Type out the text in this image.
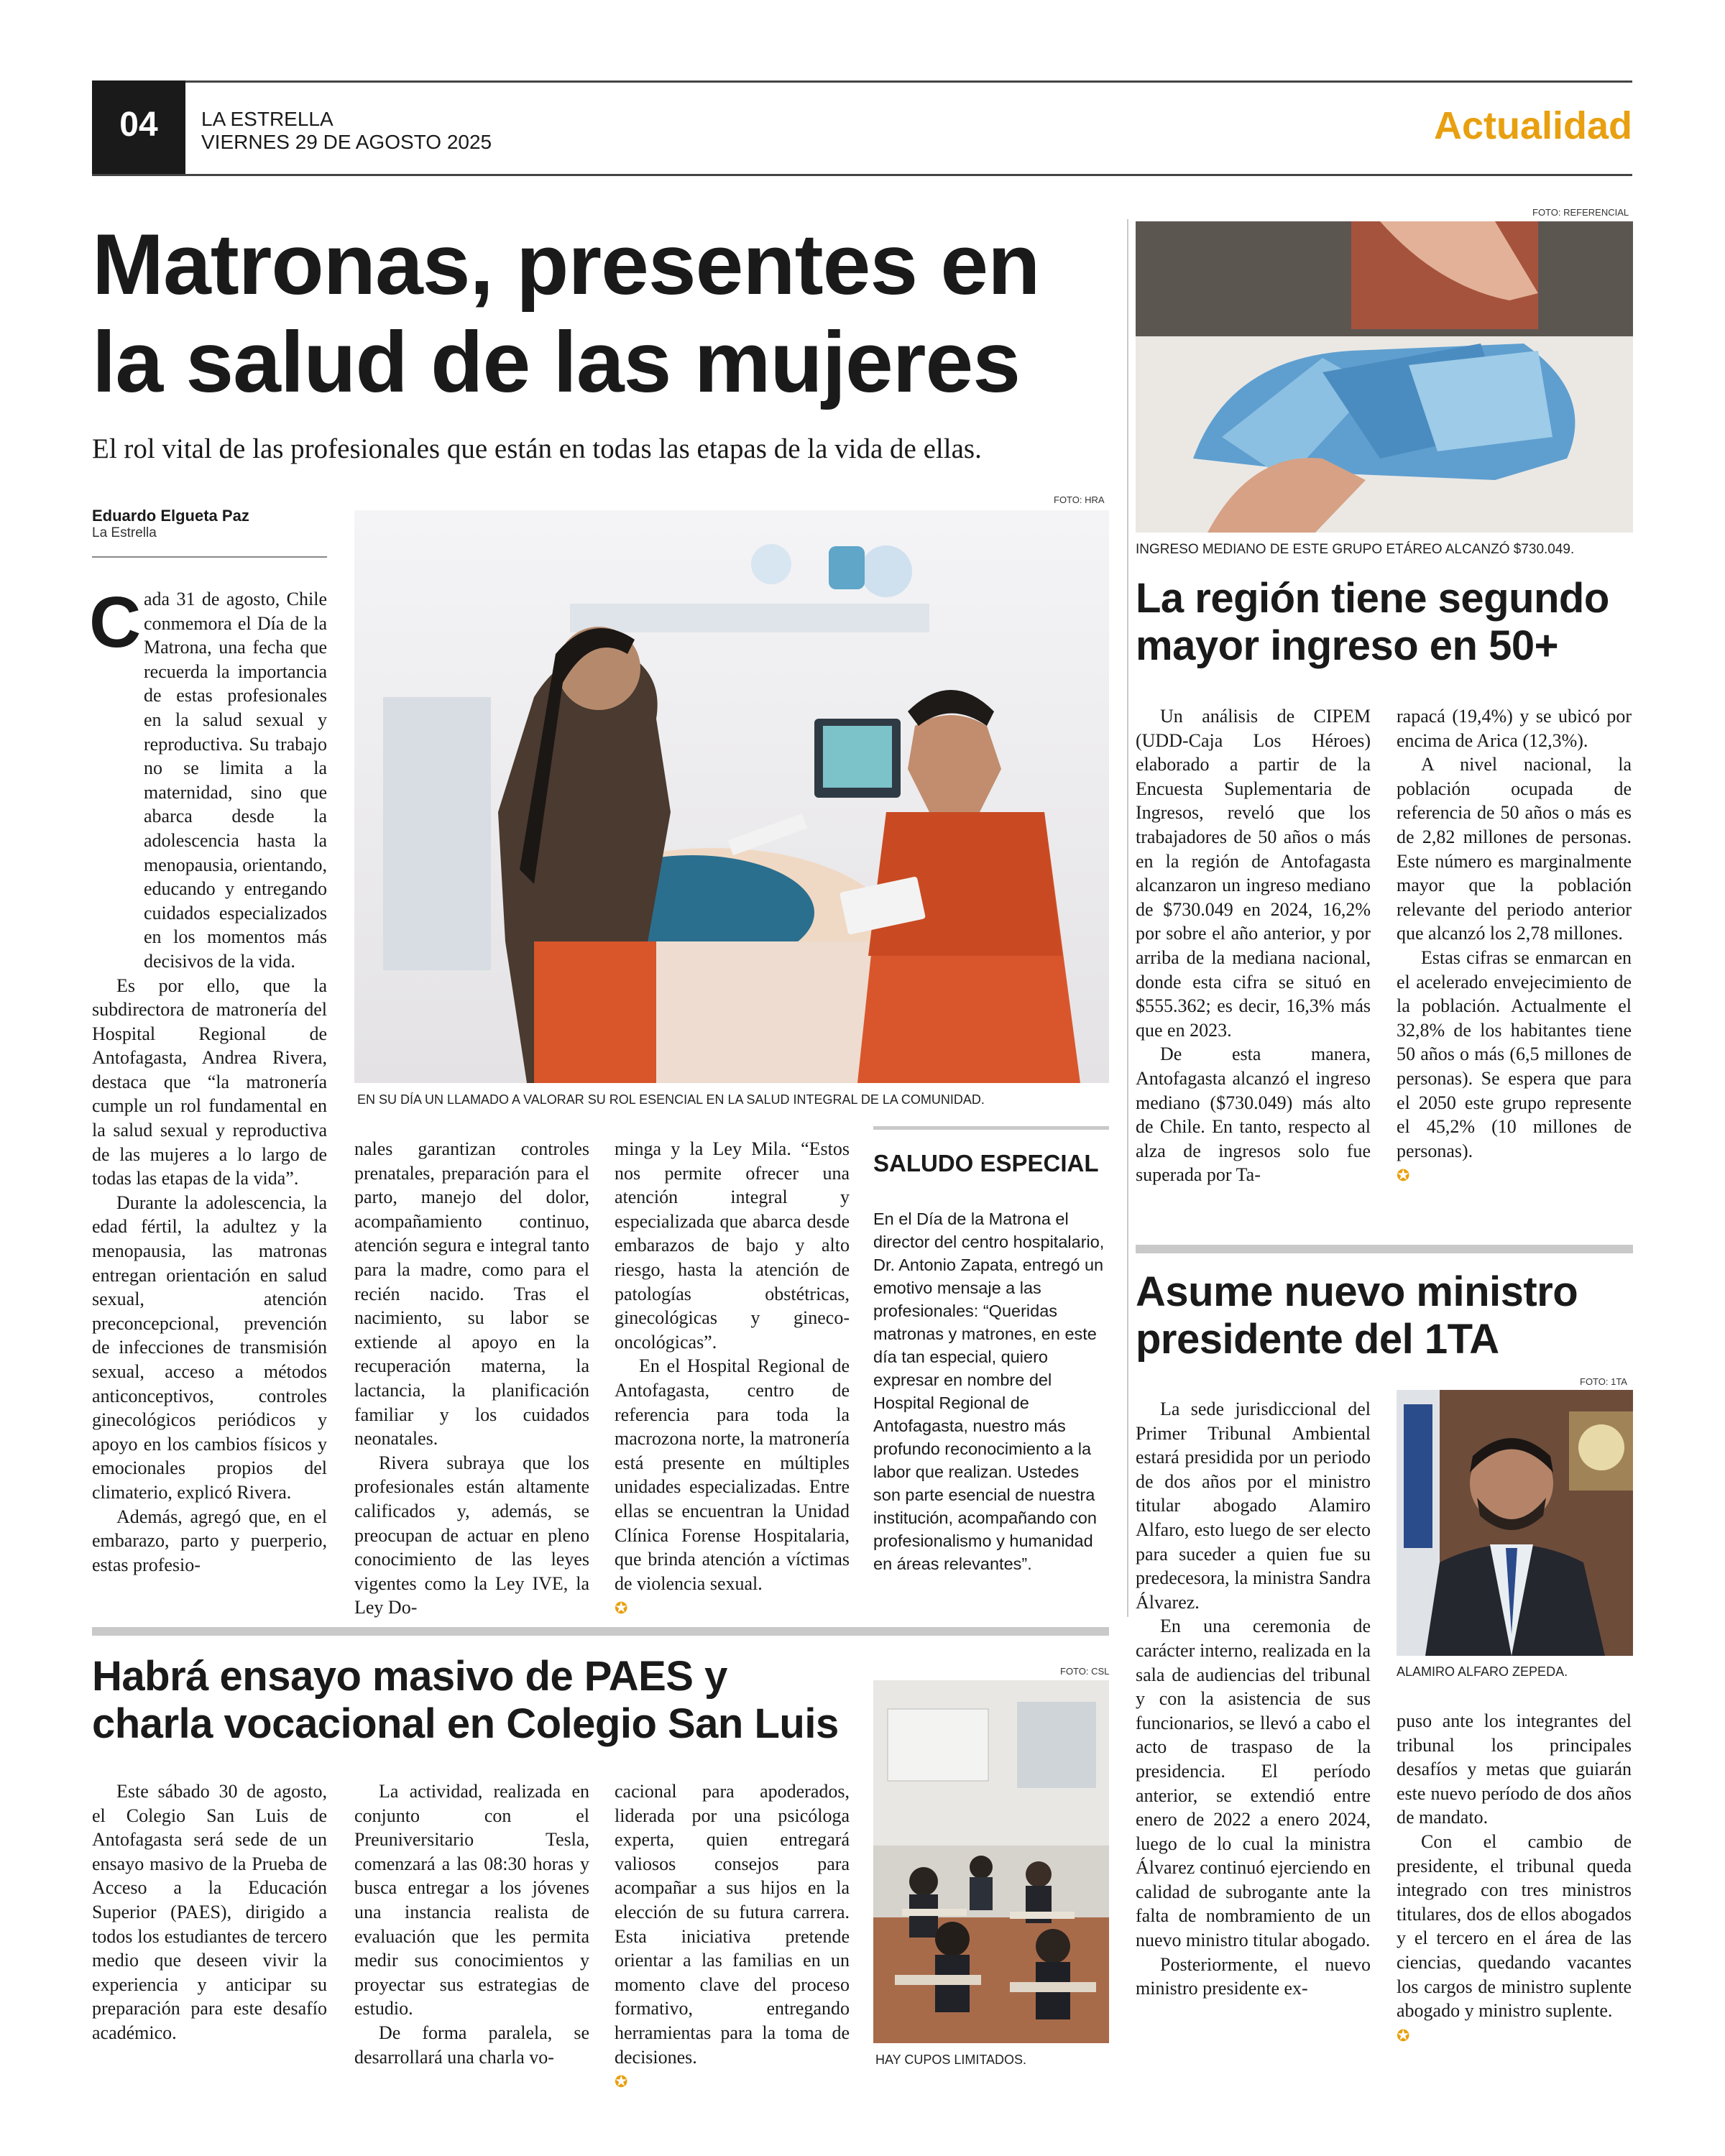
04	LA ESTRELLA
VIERNES 29 DE AGOSTO 2025	Actualidad
Matronas, presentes en
la salud de las mujeres
El rol vital de las profesionales que están en todas las etapas de la vida de ellas.
Eduardo Elgueta Paz
La Estrella
FOTO: HRA
EN SU DÍA UN LLAMADO A VALORAR SU ROL ESENCIAL EN LA SALUD INTEGRAL DE LA COMUNIDAD.
C ada 31 de agosto, Chile conmemora el Día de la Matrona, una fecha que recuerda la importancia de estas profesionales en la salud sexual y reproductiva. Su trabajo no se limita a la maternidad, sino que abarca desde la adolescencia hasta la menopausia, orientando, educando y entregando cuidados especializados en los momentos más decisivos de la vida.

Es por ello, que la subdirectora de matronería del Hospital Regional de Antofagasta, Andrea Rivera, destaca que “la matronería cumple un rol fundamental en la salud sexual y reproductiva de las mujeres a lo largo de todas las etapas de la vida”.

Durante la adolescencia, la edad fértil, la adultez y la menopausia, las matronas entregan orientación en salud sexual, atención preconcepcional, prevención de infecciones de transmisión sexual, acceso a métodos anticonceptivos, controles ginecológicos periódicos y apoyo en los cambios físicos y emocionales propios del climaterio, explicó Rivera.

Además, agregó que, en el embarazo, parto y puerperio, estas profesio-

nales garantizan controles prenatales, preparación para el parto, manejo del dolor, acompañamiento continuo, atención segura e integral tanto para la madre, como para el recién nacido. Tras el nacimiento, su labor se extiende al apoyo en la recuperación materna, la lactancia, la planificación familiar y los cuidados neonatales.

Rivera subraya que los profesionales están altamente calificados y, además, se preocupan de actuar en pleno conocimiento de las leyes vigentes como la Ley IVE, la Ley Do-

minga y la Ley Mila. “Estos nos permite ofrecer una atención integral y especializada que abarca desde embarazos de bajo y alto riesgo, hasta la atención de patologías obstétricas, ginecológicas y gineco-oncológicas”.

En el Hospital Regional de Antofagasta, centro de referencia para toda la macrozona norte, la matronería está presente en múltiples unidades especializadas. Entre ellas se encuentran la Unidad Clínica Forense Hospitalaria, que brinda atención a víctimas de violencia sexual.

✪
SALUDO ESPECIAL
En el Día de la Matrona el director del centro hospitalario, Dr. Antonio Zapata, entregó un emotivo mensaje a las profesionales: “Queridas matronas y matrones, en este día tan especial, quiero expresar en nombre del Hospital Regional de Antofagasta, nuestro más profundo reconocimiento a la labor que realizan. Ustedes son parte esencial de nuestra institución, acompañando con profesionalismo y humanidad en áreas relevantes”.
FOTO: REFERENCIAL
INGRESO MEDIANO DE ESTE GRUPO ETÁREO ALCANZÓ $730.049.
La región tiene segundo
mayor ingreso en 50+

Un análisis de CIPEM (UDD-Caja Los Héroes) elaborado a partir de la Encuesta Suplementaria de Ingresos, reveló que los trabajadores de 50 años o más en la región de Antofagasta alcanzaron un ingreso mediano de $730.049 en 2024, 16,2% por sobre el año anterior, y por arriba de la mediana nacional, donde esta cifra se situó en $555.362; es decir, 16,3% más que en 2023.

De esta manera, Antofagasta alcanzó el ingreso mediano ($730.049) más alto de Chile. En tanto, respecto al alza de ingresos solo fue superada por Ta-

rapacá (19,4%) y se ubicó por encima de Arica (12,3%).

A nivel nacional, la población ocupada de referencia de 50 años o más es de 2,82 millones de personas. Este número es marginalmente mayor que la población relevante del periodo anterior que alcanzó los 2,78 millones.

Estas cifras se enmarcan en el acelerado envejecimiento de la población. Actualmente el 32,8% de los habitantes tiene 50 años o más (6,5 millones de personas). Se espera que para el 2050 este grupo represente el 45,2% (10 millones de personas).

✪
Asume nuevo ministro
presidente del 1TA
FOTO: 1TA
ALAMIRO ALFARO ZEPEDA.

La sede jurisdiccional del Primer Tribunal Ambiental estará presidida por un periodo de dos años por el ministro titular abogado Alamiro Alfaro, esto luego de ser electo para suceder a quien fue su predecesora, la ministra Sandra Álvarez.

En una ceremonia de carácter interno, realizada en la sala de audiencias del tribunal y con la asistencia de sus funcionarios, se llevó a cabo el acto de traspaso de la presidencia. El período anterior, se extendió entre enero de 2022 a enero 2024, luego de lo cual la ministra Álvarez continuó ejerciendo en calidad de subrogante ante la falta de nombramiento de un nuevo ministro titular abogado.

Posteriormente, el nuevo ministro presidente ex-

puso ante los integrantes del tribunal los principales desafíos y metas que guiarán este nuevo período de dos años de mandato.

Con el cambio de presidente, el tribunal queda integrado con tres ministros titulares, dos de ellos abogados y el tercero en el área de las ciencias, quedando vacantes los cargos de ministro suplente abogado y ministro suplente.

✪
Habrá ensayo masivo de PAES y
charla vocacional en Colegio San Luis
FOTO: CSL
HAY CUPOS LIMITADOS.

Este sábado 30 de agosto, el Colegio San Luis de Antofagasta será sede de un ensayo masivo de la Prueba de Acceso a la Educación Superior (PAES), dirigido a todos los estudiantes de tercero medio que deseen vivir la experiencia y anticipar su preparación para este desafío académico.

La actividad, realizada en conjunto con el Preuniversitario Tesla, comenzará a las 08:30 horas y busca entregar a los jóvenes una instancia realista de evaluación que les permita medir sus conocimientos y proyectar sus estrategias de estudio.

De forma paralela, se desarrollará una charla vo-

cacional para apoderados, liderada por una psicóloga experta, quien entregará valiosos consejos para acompañar a sus hijos en la elección de su futura carrera. Esta iniciativa pretende orientar a las familias en un momento clave del proceso formativo, entregando herramientas para la toma de decisiones.

✪
